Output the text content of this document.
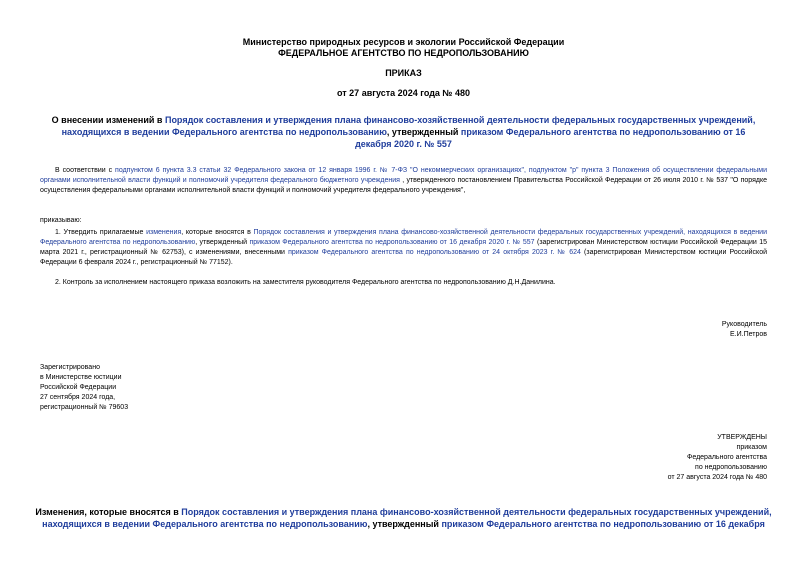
Министерство природных ресурсов и экологии Российской Федерации
ФЕДЕРАЛЬНОЕ АГЕНТСТВО ПО НЕДРОПОЛЬЗОВАНИЮ
ПРИКАЗ
от 27 августа 2024 года № 480
О внесении изменений в Порядок составления и утверждения плана финансово-хозяйственной деятельности федеральных государственных учреждений, находящихся в ведении Федерального агентства по недропользованию, утвержденный приказом Федерального агентства по недропользованию от 16 декабря 2020 г. № 557
В соответствии с подпунктом 6 пункта 3.3 статьи 32 Федерального закона от 12 января 1996 г. № 7-ФЗ "О некоммерческих организациях", подпунктом "р" пункта 3 Положения об осуществлении федеральными органами исполнительной власти функций и полномочий учредителя федерального бюджетного учреждения , утвержденного постановлением Правительства Российской Федерации от 26 июля 2010 г. № 537 "О порядке осуществления федеральными органами исполнительной власти функций и полномочий учредителя федерального учреждения",
приказываю:
1. Утвердить прилагаемые изменения, которые вносятся в Порядок составления и утверждения плана финансово-хозяйственной деятельности федеральных государственных учреждений, находящихся в ведении Федерального агентства по недропользованию, утвержденный приказом Федерального агентства по недропользованию от 16 декабря 2020 г. № 557 (зарегистрирован Министерством юстиции Российской Федерации 15 марта 2021 г., регистрационный № 62753), с изменениями, внесенными приказом Федерального агентства по недропользованию от 24 октября 2023 г. № 624 (зарегистрирован Министерством юстиции Российской Федерации 6 февраля 2024 г., регистрационный № 77152).
2. Контроль за исполнением настоящего приказа возложить на заместителя руководителя Федерального агентства по недропользованию Д.Н.Данилина.
Руководитель
Е.И.Петров
Зарегистрировано
в Министерстве юстиции
Российской Федерации
27 сентября 2024 года,
регистрационный № 79603
УТВЕРЖДЕНЫ
приказом
Федерального агентства
по недропользованию
от 27 августа 2024 года № 480
Изменения, которые вносятся в Порядок составления и утверждения плана финансово-хозяйственной деятельности федеральных государственных учреждений, находящихся в ведении Федерального агентства по недропользованию, утвержденный приказом Федерального агентства по недропользованию от 16 декабря
